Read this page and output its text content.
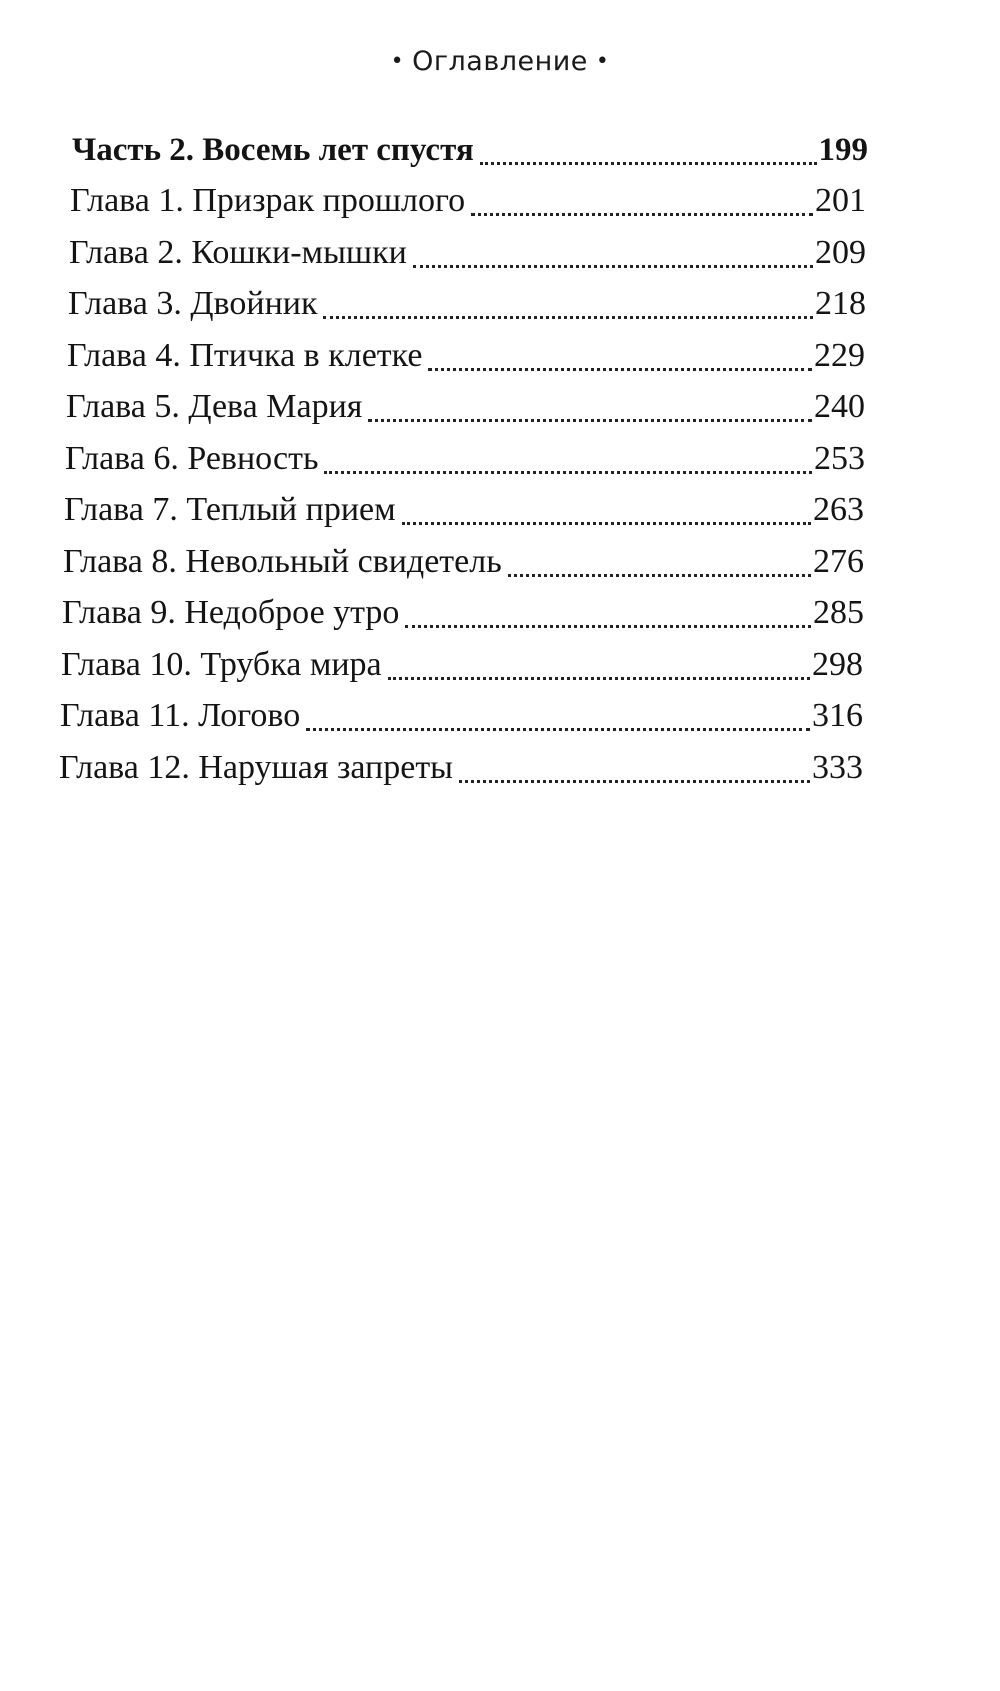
• Оглавление •
Часть 2. Восемь лет спустя	199
Глава 1. Призрак прошлого	201
Глава 2. Кошки-мышки	209
Глава 3. Двойник	218
Глава 4. Птичка в клетке	229
Глава 5. Дева Мария	240
Глава 6. Ревность	253
Глава 7. Теплый прием	263
Глава 8. Невольный свидетель	276
Глава 9. Недоброе утро	285
Глава 10. Трубка мира	298
Глава 11. Логово	316
Глава 12. Нарушая запреты	333
